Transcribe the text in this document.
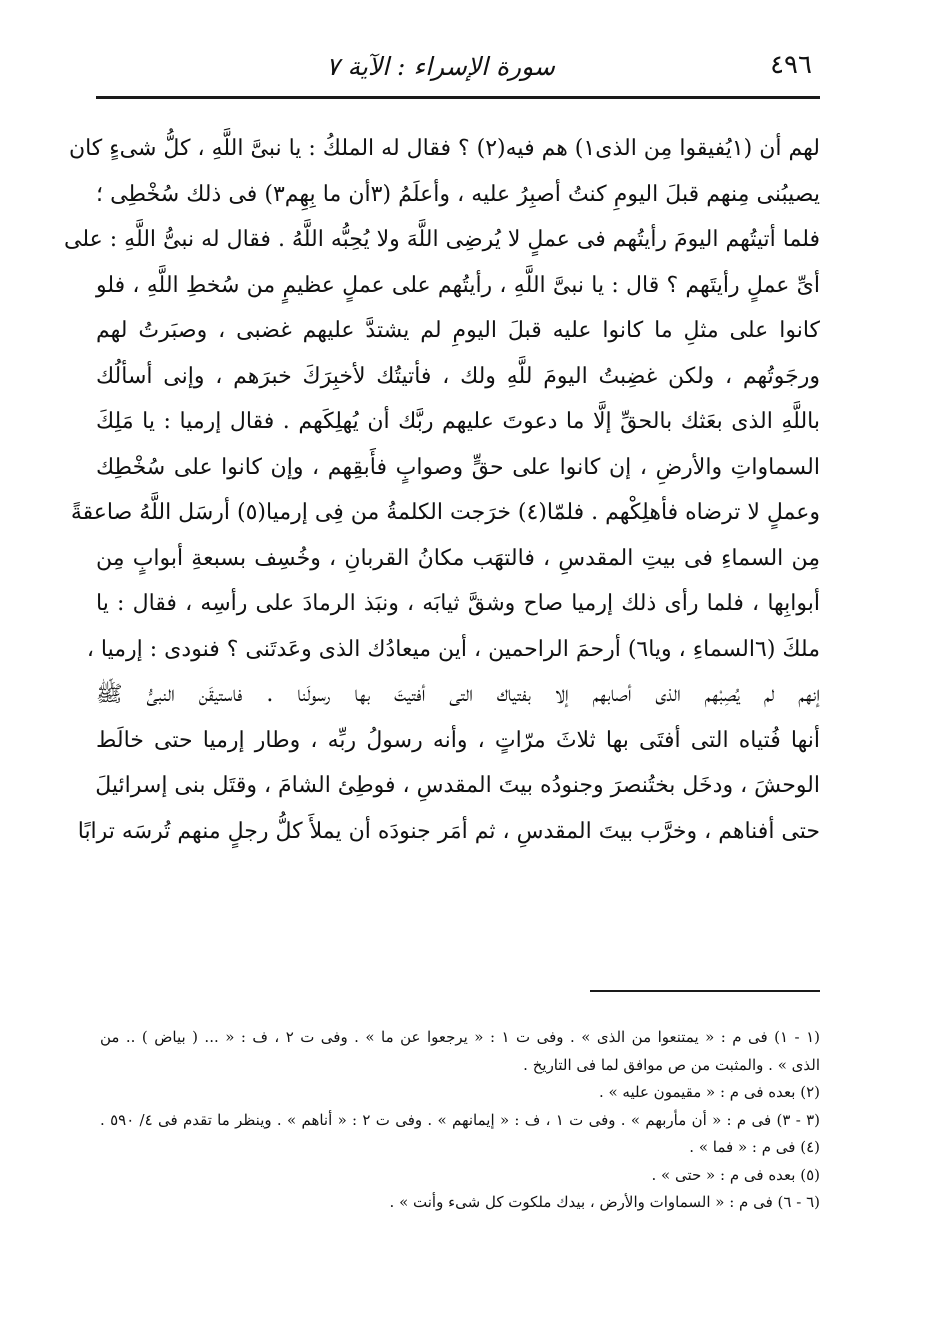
٤٩٦
سورة الإسراء : الآية ٧
لهم أن (١يُفيقوا مِن الذى١) هم فيه(٢) ؟ فقال له الملكُ : يا نبىَّ اللَّهِ ، كلُّ شىءٍ كان
يصيبُنى مِنهم قبلَ اليومِ كنتُ أصبِرُ عليه ، وأعلَمُ (٣أن ما بِهِم٣) فى ذلك سُخْطِى ؛
فلما أتيتُهم اليومَ رأيتُهم فى عملٍ لا يُرضِى اللَّهَ ولا يُحِبُّه اللَّهُ . فقال له نبىُّ اللَّهِ : على
أىِّ عملٍ رأيتَهم ؟ قال : يا نبىَّ اللَّهِ ، رأيتُهم على عملٍ عظيمٍ من سُخطِ اللَّهِ ، فلو
كانوا على مثلِ ما كانوا عليه قبلَ اليومِ لم يشتدَّ عليهم غضبى ، وصبَرتُ لهم
ورجَوتُهم ، ولكن غضِبتُ اليومَ للَّهِ ولك ، فأتيتُك لأخبِرَكَ خبرَهم ، وإنى أسألُك
باللَّهِ الذى بعَثك بالحقِّ إلَّا ما دعوتَ عليهم ربَّك أن يُهلِكَهم . فقال إرميا : يا مَلِكَ
السماواتِ والأرضِ ، إن كانوا على حقٍّ وصوابٍ فأَبقِهم ، وإن كانوا على سُخْطِك
وعملٍ لا ترضاه فأهلِكْهم . فلمّا(٤) خرَجت الكلمةُ من فِى إرميا(٥) أرسَل اللَّهُ صاعقةً
مِن السماءِ فى بيتِ المقدسِ ، فالتهَب مكانُ القربانِ ، وخُسِف بسبعةِ أبوابٍ مِن
أبوابِها ، فلما رأى ذلك إرميا صاح وشقَّ ثيابَه ، ونبَذ الرمادَ على رأسِه ، فقال : يا
ملكَ (٦السماءِ ، ويا٦) أرحمَ الراحمين ، أين ميعادُك الذى وعَدتَنى ؟ فنودى : إرميا ،
إنهم لم يُصِبْهم الذى أصابهم إلا بفتياك التى أفتيتَ بها رسولَنا . فاستيقَن النبىُّ ﷺ
أنها فُتياه التى أفتَى بها ثلاثَ مرّاتٍ ، وأنه رسولُ ربِّه ، وطار إرميا حتى خالَط
الوحشَ ، ودخَل بختُنصرَ وجنودُه بيتَ المقدسِ ، فوطِئ الشامَ ، وقتَل بنى إسرائيلَ
حتى أفناهم ، وخرَّب بيتَ المقدسِ ، ثم أمَر جنودَه أن يملأَ كلُّ رجلٍ منهم تُرسَه ترابًا
(١ - ١) فى م : « يمتنعوا من الذى » . وفى ت ١ : « يرجعوا عن ما » . وفى ت ٢ ، ف : « ... ( بياض ) .. من
الذى » . والمثبت من ص موافق لما فى التاريخ .
(٢) بعده فى م : « مقيمون عليه » .
(٣ - ٣) فى م : « أن مأربهم » . وفى ت ١ ، ف : « إيمانهم » . وفى ت ٢ : « أناهم » . وينظر ما تقدم فى ٤/ ٥٩٠ .
(٤) فى م : « فما » .
(٥) بعده فى م : « حتى » .
(٦ - ٦) فى م : « السماوات والأرض ، بيدك ملكوت كل شىء وأنت » .
